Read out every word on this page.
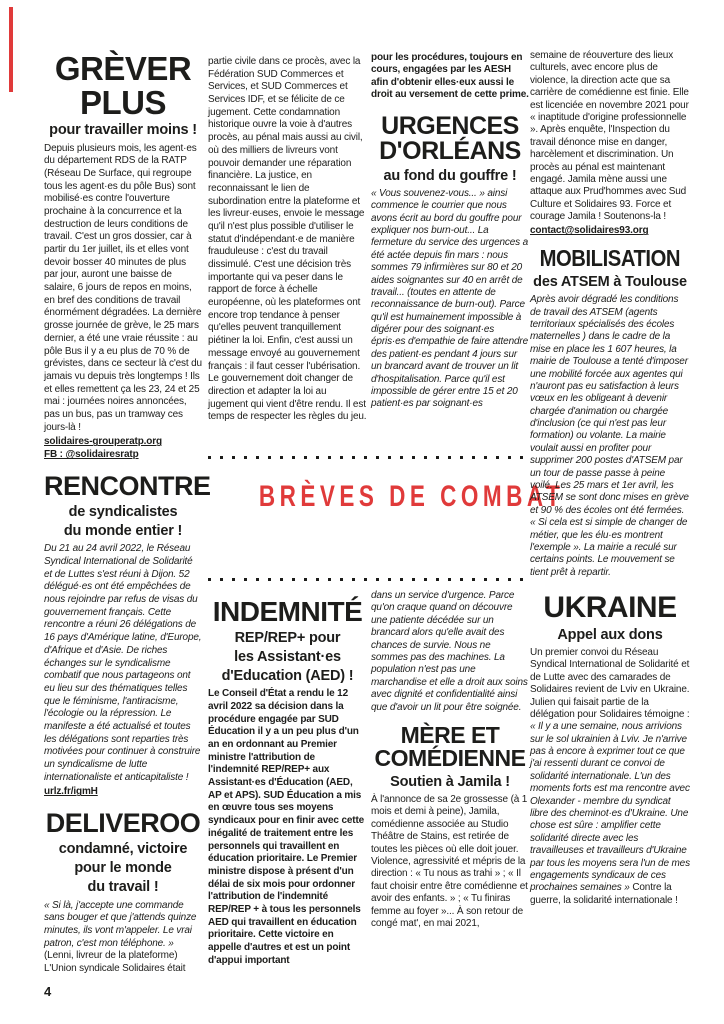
GRÈVER
PLUS
pour travailler moins !

Depuis plusieurs mois, les agent·es du département RDS de la RATP (Réseau De Surface, qui regroupe tous les agent·es du pôle Bus) sont mobilisé·es contre l'ouverture prochaine à la concurrence et la destruction de leurs conditions de travail. C'est un gros dossier, car à partir du 1er juillet, ils et elles vont devoir bosser 40 minutes de plus par jour, auront une baisse de salaire, 6 jours de repos en moins, en bref des conditions de travail énormément dégradées. La dernière grosse journée de grève, le 25 mars dernier, a été une vraie réussite : au pôle Bus il y a eu plus de 70 % de grévistes, dans ce secteur là c'est du jamais vu depuis très longtemps ! Ils et elles remettent ça les 23, 24 et 25 mai : journées noires annoncées, pas un bus, pas un tramway ces jours-là !

solidaires-grouperatp.org
FB : @solidairesratp
RENCONTRE
de syndicalistes
du monde entier !

Du 21 au 24 avril 2022, le Réseau Syndical International de Solidarité et de Luttes s'est réuni à Dijon. 52 délégué·es ont été empêchées de nous rejoindre par refus de visas du gouvernement français. Cette rencontre a réuni 26 délégations de 16 pays d'Amérique latine, d'Europe, d'Afrique et d'Asie. De riches échanges sur le syndicalisme combatif que nous partageons ont eu lieu sur des thématiques telles que le féminisme, l'antiracisme, l'écologie ou la répression. Le manifeste a été actualisé et toutes les délégations sont reparties très motivées pour continuer à construire un syndicalisme de lutte internationaliste et anticapitaliste !

urlz.fr/igmH
DELIVEROO
condamné, victoire
pour le monde
du travail !

« Si là, j'accepte une commande sans bouger et que j'attends quinze minutes, ils vont m'appeler. Le vrai patron, c'est mon téléphone. » (Lenni, livreur de la plateforme) L'Union syndicale Solidaires était

partie civile dans ce procès, avec la Fédération SUD Commerces et Services, et SUD Commerces et Services IDF, et se félicite de ce jugement. Cette condamnation historique ouvre la voie à d'autres procès, au pénal mais aussi au civil, où des milliers de livreurs vont pouvoir demander une réparation financière. La justice, en reconnaissant le lien de subordination entre la plateforme et les livreur·euses, envoie le message qu'il n'est plus possible d'utiliser le statut d'indépendant·e de manière frauduleuse : c'est du travail dissimulé. C'est une décision très importante qui va peser dans le rapport de force à échelle européenne, où les plateformes ont encore trop tendance à penser qu'elles peuvent tranquillement piétiner la loi. Enfin, c'est aussi un message envoyé au gouvernement français : il faut cesser l'ubérisation. Le gouvernement doit changer de direction et adapter la loi au jugement qui vient d'être rendu. Il est temps de respecter les règles du jeu.

INDEMNITÉ
REP/REP+ pour
les Assistant·es
d'Education (AED) !

Le Conseil d'État a rendu le 12 avril 2022 sa décision dans la procédure engagée par SUD Éducation il y a un peu plus d'un an en ordonnant au Premier ministre l'attribution de l'indemnité REP/REP+ aux Assistant·es d'Éducation (AED, AP et APS). SUD Éducation a mis en œuvre tous ses moyens syndicaux pour en finir avec cette inégalité de traitement entre les personnels qui travaillent en éducation prioritaire. Le Premier ministre dispose à présent d'un délai de six mois pour ordonner l'attribution de l'indemnité REP/REP + à tous les personnels AED qui travaillent en éducation prioritaire. Cette victoire en appelle d'autres et est un point d'appui important

BRÈVES DE COMBAT

pour les procédures, toujours en cours, engagées par les AESH afin d'obtenir elles·eux aussi le droit au versement de cette prime.

URGENCES
D'ORLÉANS
au fond du gouffre !

« Vous souvenez-vous... » ainsi commence le courrier que nous avons écrit au bord du gouffre pour expliquer nos burn-out... La fermeture du service des urgences a été actée depuis fin mars : nous sommes 79 infirmières sur 80 et 20 aides soignantes sur 40 en arrêt de travail... (toutes en attente de reconnaissance de burn-out). Parce qu'il est humainement impossible à digérer pour des soignant·es épris·es d'empathie de faire attendre des patient·es pendant 4 jours sur un brancard avant de trouver un lit d'hospitalisation. Parce qu'il est impossible de gérer entre 15 et 20 patient·es par soignant·es

dans un service d'urgence. Parce qu'on craque quand on découvre une patiente décédée sur un brancard alors qu'elle avait des chances de survie. Nous ne sommes pas des machines. La population n'est pas une marchandise et elle a droit aux soins avec dignité et confidentialité ainsi que d'avoir un lit pour être soignée.

MÈRE ET
COMÉDIENNE
Soutien à Jamila !

À l'annonce de sa 2e grossesse (à 1 mois et demi à peine), Jamila, comédienne associée au Studio Théâtre de Stains, est retirée de toutes les pièces où elle doit jouer. Violence, agressivité et mépris de la direction : « Tu nous as trahi » ; « Il faut choisir entre être comédienne et avoir des enfants. » ; « Tu finiras femme au foyer »... À son retour de congé mat', en mai 2021,

semaine de réouverture des lieux culturels, avec encore plus de violence, la direction acte que sa carrière de comédienne est finie. Elle est licenciée en novembre 2021 pour « inaptitude d'origine professionnelle ». Après enquête, l'Inspection du travail dénonce mise en danger, harcèlement et discrimination. Un procès au pénal est maintenant engagé. Jamila mène aussi une attaque aux Prud'hommes avec Sud Culture et Solidaires 93. Force et courage Jamila ! Soutenons-la !

contact@solidaires93.org
MOBILISATION
des ATSEM à Toulouse

Après avoir dégradé les conditions de travail des ATSEM (agents territoriaux spécialisés des écoles maternelles ) dans le cadre de la mise en place les 1 607 heures, la mairie de Toulouse a tenté d'imposer une mobilité forcée aux agentes qui n'auront pas eu satisfaction à leurs vœux en les obligeant à devenir chargée d'animation ou chargée d'inclusion (ce qui n'est pas leur formation) ou volante. La mairie voulait aussi en profiter pour supprimer 200 postes d'ATSEM par un tour de passe passe à peine voilé. Les 25 mars et 1er avril, les ATSEM se sont donc mises en grève et 90 % des écoles ont été fermées. « Si cela est si simple de changer de métier, que les élu·es montrent l'exemple ». La mairie a reculé sur certains points. Le mouvement se tient prêt à repartir.

UKRAINE
Appel aux dons

Un premier convoi du Réseau Syndical International de Solidarité et de Lutte avec des camarades de Solidaires revient de Lviv en Ukraine. Julien qui faisait partie de la délégation pour Solidaires témoigne : « Il y a une semaine, nous arrivions sur le sol ukrainien à Lviv. Je n'arrive pas à encore à exprimer tout ce que j'ai ressenti durant ce convoi de solidarité internationale. L'un des moments forts est ma rencontre avec Olexander - membre du syndicat libre des cheminot·es d'Ukraine. Une chose est sûre : amplifier cette solidarité directe avec les travailleuses et travailleurs d'Ukraine par tous les moyens sera l'un de mes engagements syndicaux de ces prochaines semaines » Contre la guerre, la solidarité internationale !

4
